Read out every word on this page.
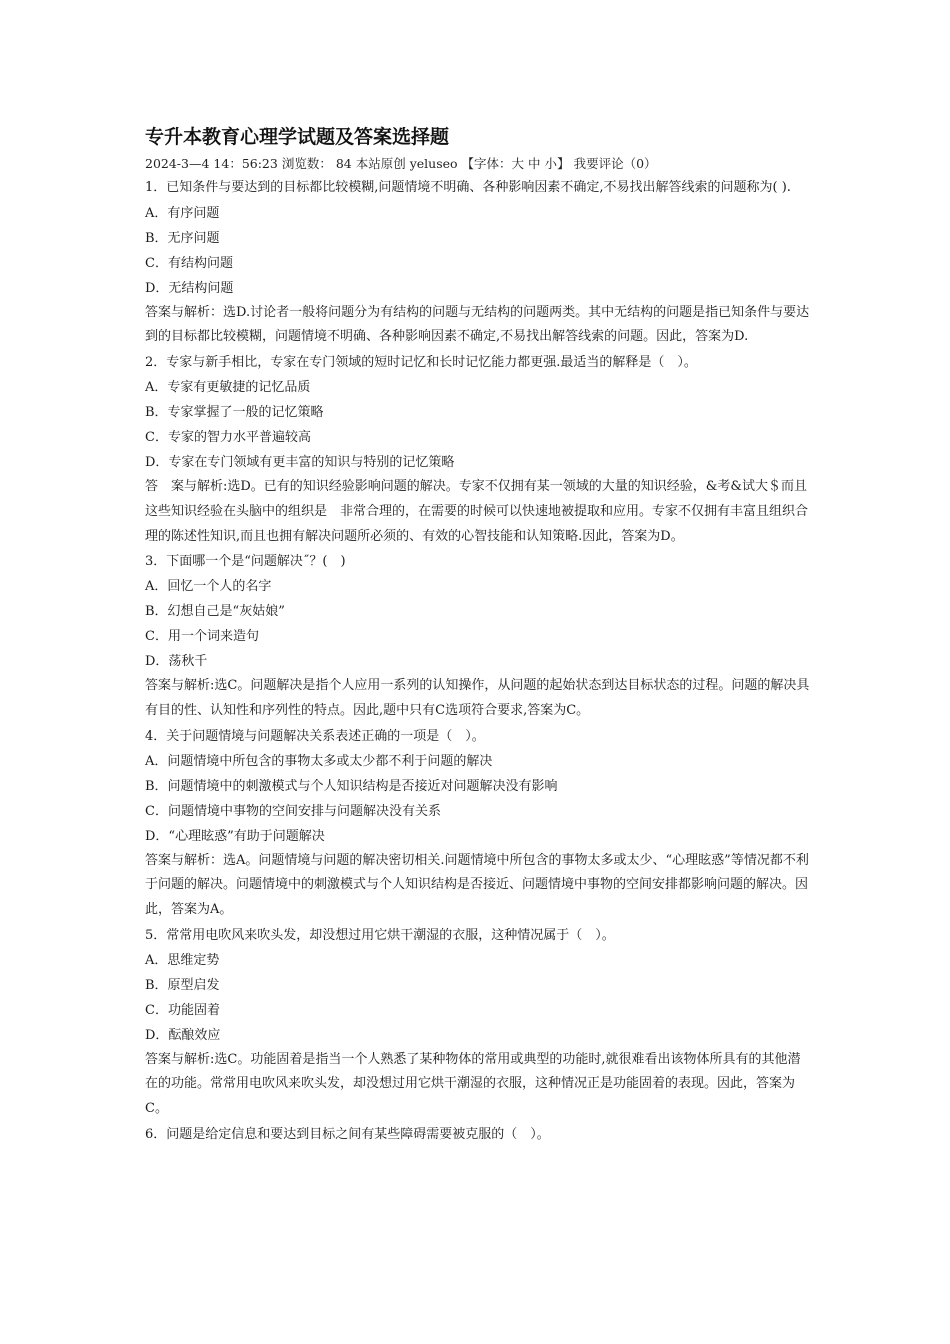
专升本教育心理学试题及答案选择题
2024-3—4 14：56:23 浏览数： 84 本站原创 yeluseo 【字体：大 中 小】 我要评论（0）
1．已知条件与要达到的目标都比较模糊,问题情境不明确、各种影响因素不确定,不易找出解答线索的问题称为( ).
A．有序问题
B．无序问题
C．有结构问题
D．无结构问题
答案与解析：选D.讨论者一般将问题分为有结构的问题与无结构的问题两类。其中无结构的问题是指已知条件与要达到的目标都比较模糊，问题情境不明确、各种影响因素不确定,不易找出解答线索的问题。因此，答案为D.
2．专家与新手相比，专家在专门领域的短时记忆和长时记忆能力都更强.最适当的解释是（　）。
A．专家有更敏捷的记忆品质
B．专家掌握了一般的记忆策略
C．专家的智力水平普遍较高
D．专家在专门领域有更丰富的知识与特别的记忆策略
答　案与解析:选D。已有的知识经验影响问题的解决。专家不仅拥有某一领域的大量的知识经验，&考&试大＄而且这些知识经验在头脑中的组织是　非常合理的，在需要的时候可以快速地被提取和应用。专家不仅拥有丰富且组织合理的陈述性知识,而且也拥有解决问题所必须的、有效的心智技能和认知策略.因此，答案为D。
3．下面哪一个是“问题解决˝？(　)
A．回忆一个人的名字
B．幻想自己是“灰姑娘”
C．用一个词来造句
D．荡秋千
答案与解析:选C。问题解决是指个人应用一系列的认知操作，从问题的起始状态到达目标状态的过程。问题的解决具有目的性、认知性和序列性的特点。因此,题中只有C选项符合要求,答案为C。
4．关于问题情境与问题解决关系表述正确的一项是（　）。
A．问题情境中所包含的事物太多或太少都不利于问题的解决
B．问题情境中的刺激模式与个人知识结构是否接近对问题解决没有影响
C．问题情境中事物的空间安排与问题解决没有关系
D．“心理眩惑”有助于问题解决
答案与解析：选A。问题情境与问题的解决密切相关.问题情境中所包含的事物太多或太少、“心理眩惑”等情况都不利于问题的解决。问题情境中的刺激模式与个人知识结构是否接近、问题情境中事物的空间安排都影响问题的解决。因此，答案为A。
5．常常用电吹风来吹头发，却没想过用它烘干潮湿的衣服，这种情况属于（　）。
A．思维定势
B．原型启发
C．功能固着
D．酝酿效应
答案与解析:选C。功能固着是指当一个人熟悉了某种物体的常用或典型的功能时,就很难看出该物体所具有的其他潜在的功能。常常用电吹风来吹头发，却没想过用它烘干潮湿的衣服，这种情况正是功能固着的表现。因此，答案为C。
6．问题是给定信息和要达到目标之间有某些障碍需要被克服的（　）。
